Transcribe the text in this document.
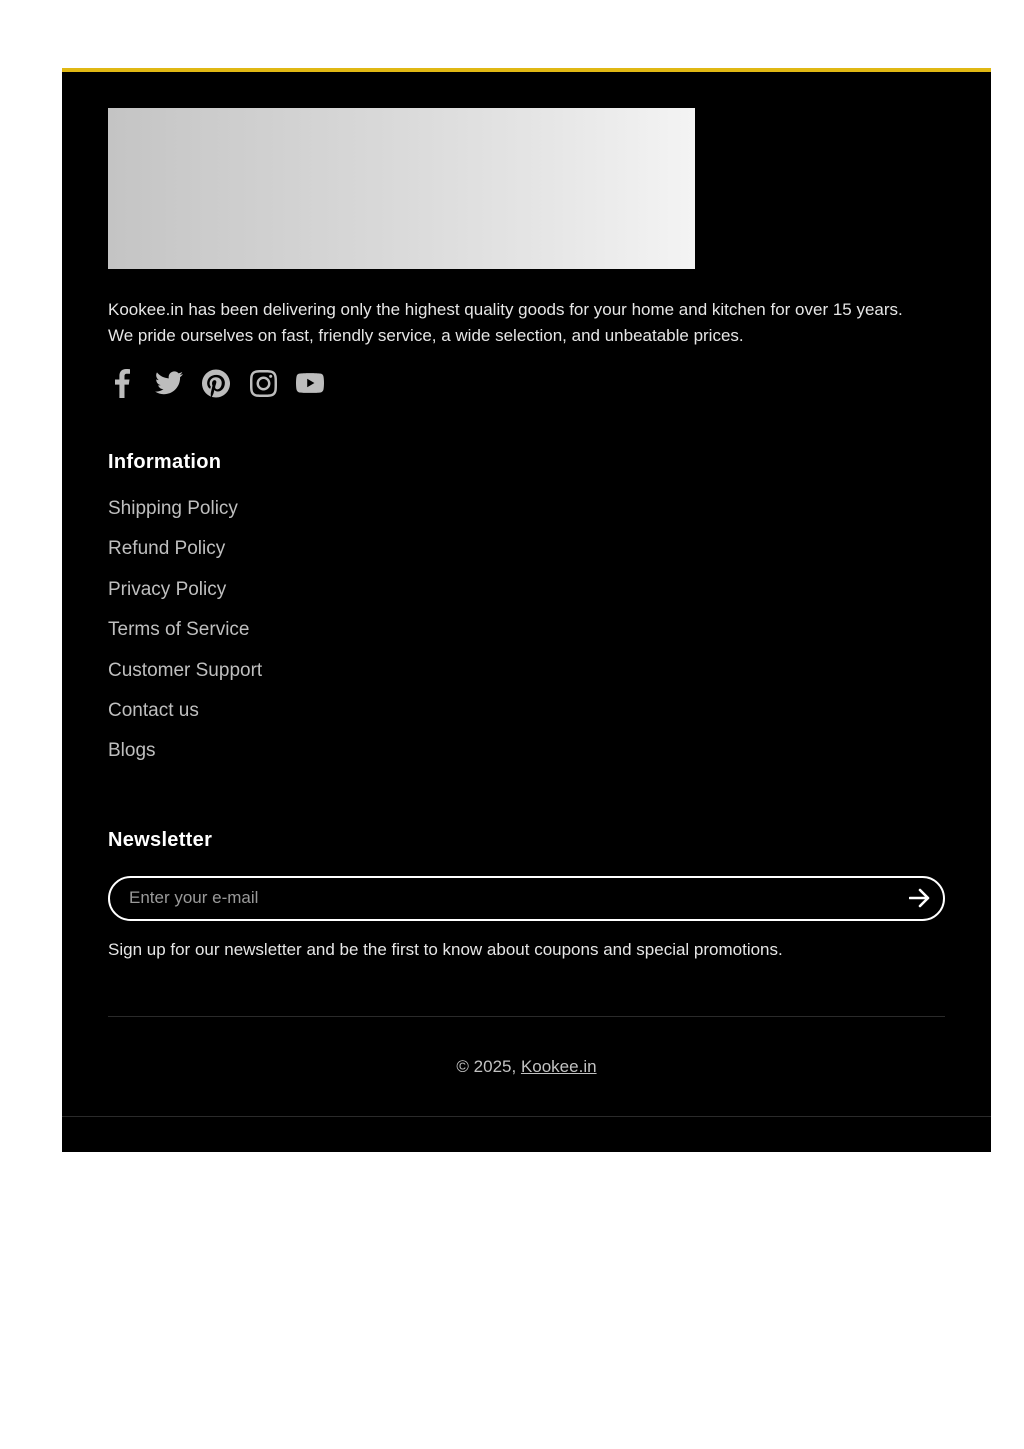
Kookee.in has been delivering only the highest quality goods for your home and kitchen for over 15 years. We pride ourselves on fast, friendly service, a wide selection, and unbeatable prices.
Information
Shipping Policy
Refund Policy
Privacy Policy
Terms of Service
Customer Support
Contact us
Blogs
Newsletter
Enter your e-mail
Sign up for our newsletter and be the first to know about coupons and special promotions.
© 2025, Kookee.in
